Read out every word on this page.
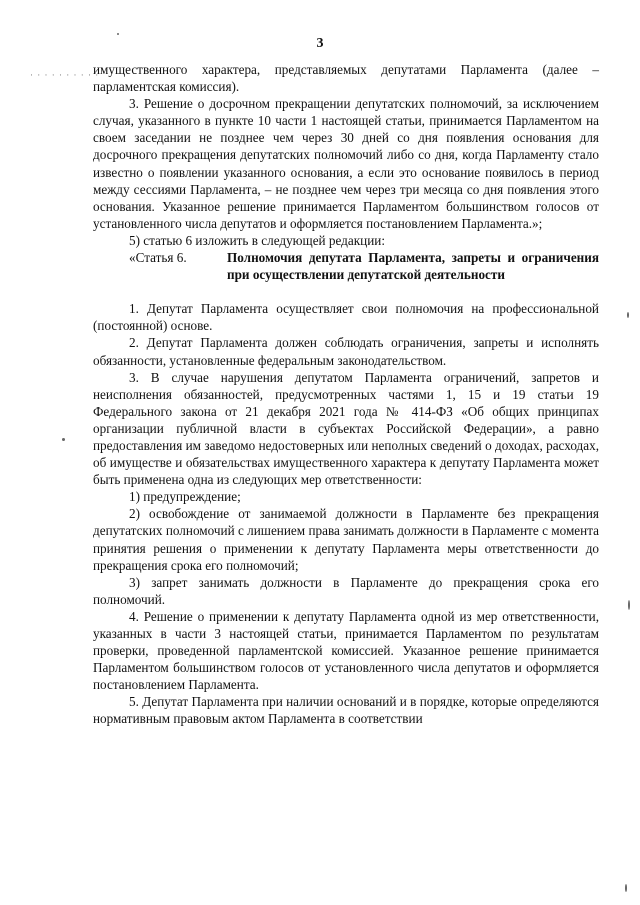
3
· · · · · · · · · ·

имущественного характера, представляемых депутатами Парламента (далее – парламентская комиссия).

3. Решение о досрочном прекращении депутатских полномочий, за исключением случая, указанного в пункте 10 части 1 настоящей статьи, принимается Парламентом на своем заседании не позднее чем через 30 дней со дня появления основания для досрочного прекращения депутатских полномочий либо со дня, когда Парламенту стало известно о появлении указанного основания, а если это основание появилось в период между сессиями Парламента, – не позднее чем через три месяца со дня появления этого основания. Указанное решение принимается Парламентом большинством голосов от установленного числа депутатов и оформляется постановлением Парламента.»;

5) статью 6 изложить в следующей редакции:

«Статья 6.	Полномочия депутата Парламента, запреты и ограничения при осуществлении депутатской деятельности

1. Депутат Парламента осуществляет свои полномочия на профессиональной (постоянной) основе.

2. Депутат Парламента должен соблюдать ограничения, запреты и исполнять обязанности, установленные федеральным законодательством.

3. В случае нарушения депутатом Парламента ограничений, запретов и неисполнения обязанностей, предусмотренных частями 1, 15 и 19 статьи 19 Федерального закона от 21 декабря 2021 года № 414-ФЗ «Об общих принципах организации публичной власти в субъектах Российской Федерации», а равно предоставления им заведомо недостоверных или неполных сведений о доходах, расходах, об имуществе и обязательствах имущественного характера к депутату Парламента может быть применена одна из следующих мер ответственности:

1) предупреждение;

2) освобождение от занимаемой должности в Парламенте без прекращения депутатских полномочий с лишением права занимать должности в Парламенте с момента принятия решения о применении к депутату Парламента меры ответственности до прекращения срока его полномочий;

3) запрет занимать должности в Парламенте до прекращения срока его полномочий.

4. Решение о применении к депутату Парламента одной из мер ответственности, указанных в части 3 настоящей статьи, принимается Парламентом по результатам проверки, проведенной парламентской комиссией. Указанное решение принимается Парламентом большинством голосов от установленного числа депутатов и оформляется постановлением Парламента.

5. Депутат Парламента при наличии оснований и в порядке, которые определяются нормативным правовым актом Парламента в соответствии
